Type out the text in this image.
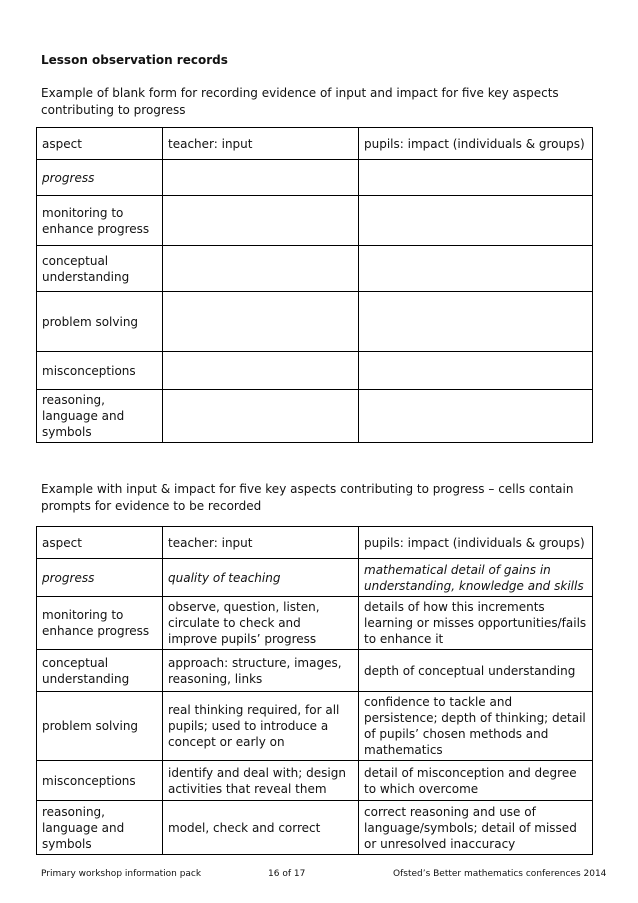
Lesson observation records
Example of blank form for recording evidence of input and impact for five key aspects contributing to progress
aspect	teacher: input	pupils: impact (individuals & groups)
progress		
monitoring to enhance progress		
conceptual understanding		
problem solving		
misconceptions		
reasoning, language and symbols		
Example with input & impact for five key aspects contributing to progress – cells contain prompts for evidence to be recorded
aspect	teacher: input	pupils: impact (individuals & groups)
progress	quality of teaching	mathematical detail of gains in understanding, knowledge and skills
monitoring to enhance progress	observe, question, listen, circulate to check and improve pupils’ progress	details of how this increments learning or misses opportunities/fails to enhance it
conceptual understanding	approach: structure, images, reasoning, links	depth of conceptual understanding
problem solving	real thinking required, for all pupils; used to introduce a concept or early on	confidence to tackle and persistence; depth of thinking; detail of pupils’ chosen methods and mathematics
misconceptions	identify and deal with; design activities that reveal them	detail of misconception and degree to which overcome
reasoning, language and symbols	model, check and correct	correct reasoning and use of language/symbols; detail of missed or unresolved inaccuracy
Primary workshop information pack	16 of 17	Ofsted’s Better mathematics conferences 2014
